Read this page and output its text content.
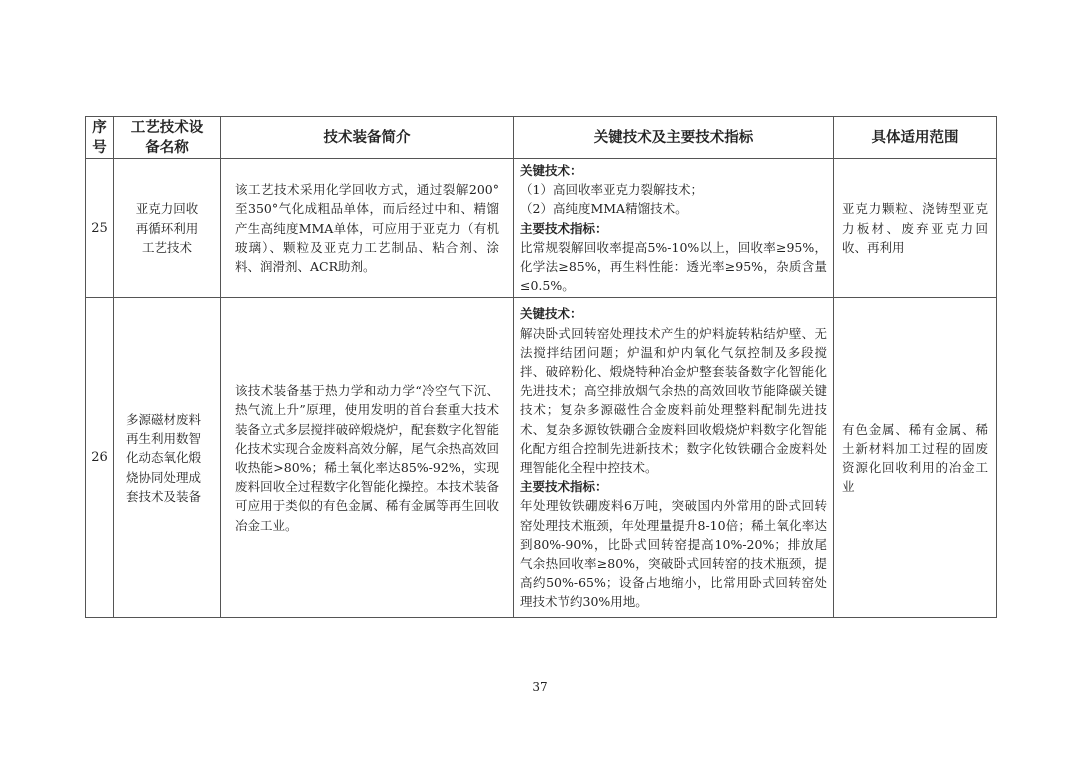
序号	工艺技术设备名称	技术装备简介	关键技术及主要技术指标	具体适用范围
25	亚克力回收再循环利用工艺技术	该工艺技术采用化学回收方式，通过裂解200°至350°气化成粗品单体，而后经过中和、精馏产生高纯度MMA单体，可应用于亚克力（有机玻璃）、颗粒及亚克力工艺制品、粘合剂、涂料、润滑剂、ACR助剂。	关键技术：
（1）高回收率亚克力裂解技术；
（2）高纯度MMA精馏技术。
主要技术指标：
比常规裂解回收率提高5%-10%以上，回收率≥95%，化学法≥85%，再生料性能：透光率≥95%，杂质含量≤0.5%。	亚克力颗粒、浇铸型亚克力板材、废弃亚克力回收、再利用

26	多源磁材废料再生利用数智化动态氧化煅烧协同处理成套技术及装备	该技术装备基于热力学和动力学“冷空气下沉、热气流上升”原理，使用发明的首台套重大技术装备立式多层搅拌破碎煅烧炉，配套数字化智能化技术实现合金废料高效分解，尾气余热高效回收热能>80%；稀土氧化率达85%-92%，实现废料回收全过程数字化智能化操控。本技术装备可应用于类似的有色金属、稀有金属等再生回收冶金工业。	关键技术：
解决卧式回转窑处理技术产生的炉料旋转粘结炉壁、无法搅拌结团问题；炉温和炉内氧化气氛控制及多段搅拌、破碎粉化、煅烧特种冶金炉整套装备数字化智能化先进技术；高空排放烟气余热的高效回收节能降碳关键技术；复杂多源磁性合金废料前处理整料配制先进技术、复杂多源钕铁硼合金废料回收煅烧炉料数字化智能化配方组合控制先进新技术；数字化钕铁硼合金废料处理智能化全程中控技术。
主要技术指标：
年处理钕铁硼废料6万吨，突破国内外常用的卧式回转窑处理技术瓶颈，年处理量提升8-10倍；稀土氧化率达到80%-90%，比卧式回转窑提高10%-20%；排放尾气余热回收率≥80%，突破卧式回转窑的技术瓶颈，提高约50%-65%；设备占地缩小，比常用卧式回转窑处理技术节约30%用地。	有色金属、稀有金属、稀土新材料加工过程的固废资源化回收利用的冶金工业
37
